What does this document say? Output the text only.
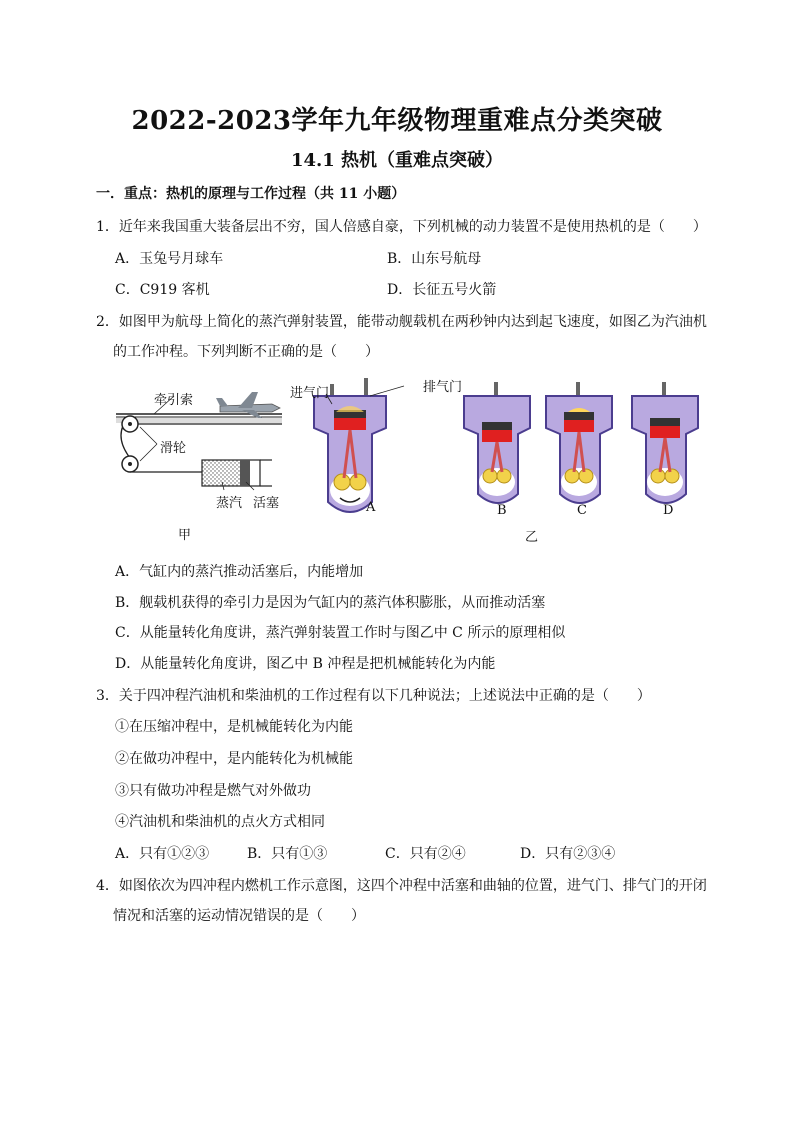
2022-2023学年九年级物理重难点分类突破
14.1 热机（重难点突破）
一．重点：热机的原理与工作过程（共 11 小题）
1．近年来我国重大装备层出不穷，国人倍感自豪，下列机械的动力装置不是使用热机的是（　　）
A．玉兔号月球车	B．山东号航母
C．C919 客机	D．长征五号火箭
2．如图甲为航母上简化的蒸汽弹射装置，能带动舰载机在两秒钟内达到起飞速度，如图乙为汽油机
的工作冲程。下列判断不正确的是（　　）
牵引索
滑轮
蒸汽 活塞
甲
进气门	排气门
A	B	C	D
乙
A．气缸内的蒸汽推动活塞后，内能增加
B．舰载机获得的牵引力是因为气缸内的蒸汽体积膨胀，从而推动活塞
C．从能量转化角度讲，蒸汽弹射装置工作时与图乙中 C 所示的原理相似
D．从能量转化角度讲，图乙中 B 冲程是把机械能转化为内能
3．关于四冲程汽油机和柴油机的工作过程有以下几种说法；上述说法中正确的是（　　）
①在压缩冲程中，是机械能转化为内能
②在做功冲程中，是内能转化为机械能
③只有做功冲程是燃气对外做功
④汽油机和柴油机的点火方式相同
A．只有①②③	B．只有①③	C．只有②④	D．只有②③④
4．如图依次为四冲程内燃机工作示意图，这四个冲程中活塞和曲轴的位置，进气门、排气门的开闭
情况和活塞的运动情况错误的是（　　）
